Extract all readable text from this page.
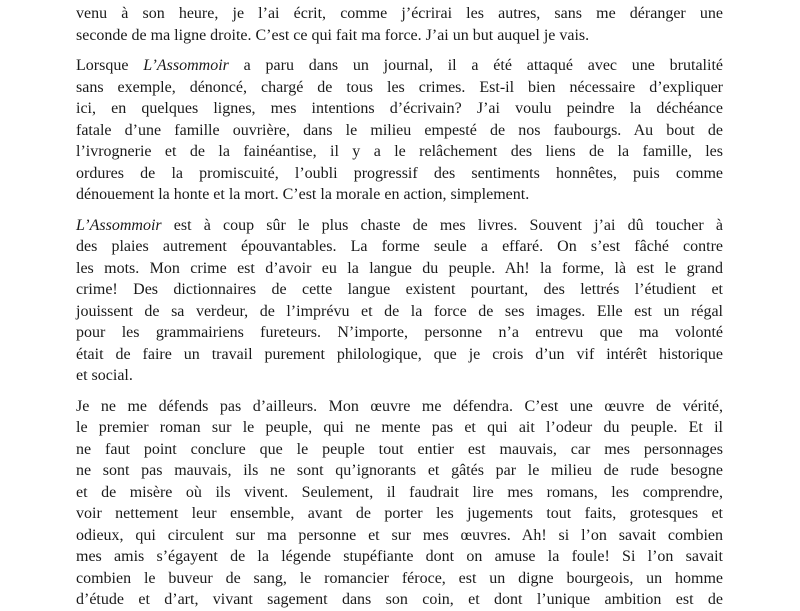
venu à son heure, je l’ai écrit, comme j’écrirai les autres, sans me déranger une
seconde de ma ligne droite. C’est ce qui fait ma force. J’ai un but auquel je vais.
Lorsque L’Assommoir a paru dans un journal, il a été attaqué avec une brutalité
sans exemple, dénoncé, chargé de tous les crimes. Est-il bien nécessaire d’expliquer
ici, en quelques lignes, mes intentions d’écrivain? J’ai voulu peindre la déchéance
fatale d’une famille ouvrière, dans le milieu empesté de nos faubourgs. Au bout de
l’ivrognerie et de la fainéantise, il y a le relâchement des liens de la famille, les
ordures de la promiscuité, l’oubli progressif des sentiments honnêtes, puis comme
dénouement la honte et la mort. C’est la morale en action, simplement.
L’Assommoir est à coup sûr le plus chaste de mes livres. Souvent j’ai dû toucher à
des plaies autrement épouvantables. La forme seule a effaré. On s’est fâché contre
les mots. Mon crime est d’avoir eu la langue du peuple. Ah! la forme, là est le grand
crime! Des dictionnaires de cette langue existent pourtant, des lettrés l’étudient et
jouissent de sa verdeur, de l’imprévu et de la force de ses images. Elle est un régal
pour les grammairiens fureteurs. N’importe, personne n’a entrevu que ma volonté
était de faire un travail purement philologique, que je crois d’un vif intérêt historique
et social.
Je ne me défends pas d’ailleurs. Mon œuvre me défendra. C’est une œuvre de vérité,
le premier roman sur le peuple, qui ne mente pas et qui ait l’odeur du peuple. Et il
ne faut point conclure que le peuple tout entier est mauvais, car mes personnages
ne sont pas mauvais, ils ne sont qu’ignorants et gâtés par le milieu de rude besogne
et de misère où ils vivent. Seulement, il faudrait lire mes romans, les comprendre,
voir nettement leur ensemble, avant de porter les jugements tout faits, grotesques et
odieux, qui circulent sur ma personne et sur mes œuvres. Ah! si l’on savait combien
mes amis s’égayent de la légende stupéfiante dont on amuse la foule! Si l’on savait
combien le buveur de sang, le romancier féroce, est un digne bourgeois, un homme
d’étude et d’art, vivant sagement dans son coin, et dont l’unique ambition est de
